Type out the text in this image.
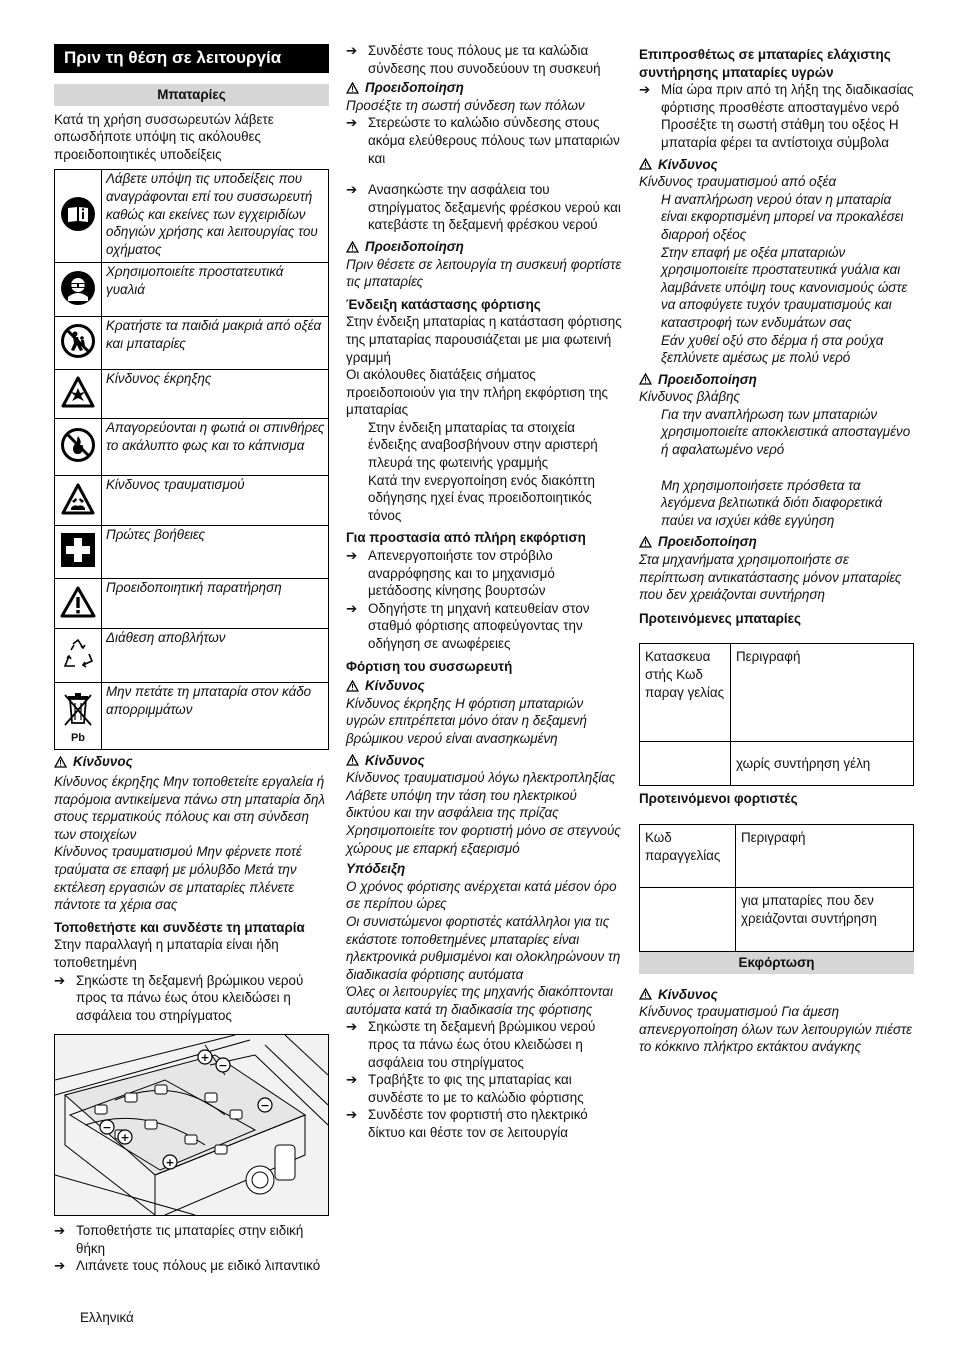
Πριν τη θέση σε λειτουργία
Μπαταρίες

Κατά τη χρήση συσσωρευτών λάβετε οπωσδήποτε υπόψη τις ακόλουθες προειδοποιητικές υποδείξεις

	Λάβετε υπόψη τις υποδείξεις που αναγράφονται επί του συσσωρευτή καθώς και εκείνες των εγχειριδίων οδηγιών χρήσης και λειτουργίας του οχήματος
	Χρησιμοποιείτε προστατευτικά γυαλιά
	Κρατήστε τα παιδιά μακριά από οξέα και μπαταρίες
	Κίνδυνος έκρηξης
	Απαγορεύονται η φωτιά οι σπινθήρες το ακάλυπτο φως και το κάπνισμα
	Κίνδυνος τραυματισμού
	Πρώτες βοήθειες
	Προειδοποιητική παρατήρηση
	Διάθεση αποβλήτων

Pb	Μην πετάτε τη μπαταρία στον κάδο απορριμμάτων
Κίνδυνος

Κίνδυνος έκρηξης Μην τοποθετείτε εργαλεία ή παρόμοια αντικείμενα πάνω στη μπαταρία δηλ στους τερματικούς πόλους και στη σύνδεση των στοιχείων

Κίνδυνος τραυματισμού Μην φέρνετε ποτέ τραύματα σε επαφή με μόλυβδο Μετά την εκτέλεση εργασιών σε μπαταρίες πλένετε πάντοτε τα χέρια σας

Τοποθετήστε και συνδέστε τη μπαταρία

Στην παραλλαγή η μπαταρία είναι ήδη τοποθετημένη

➔ Σηκώστε τη δεξαμενή βρώμικου νερού προς τα πάνω έως ότου κλειδώσει η ασφάλεια του στηρίγματος
+
−
−
−
+
+
➔ Τοποθετήστε τις μπαταρίες στην ειδική θήκη
➔ Λιπάνετε τους πόλους με ειδικό λιπαντικό
➔ Συνδέστε τους πόλους με τα καλώδια σύνδεσης που συνοδεύουν τη συσκευή
Προειδοποίηση

Προσέξτε τη σωστή σύνδεση των πόλων

➔ Στερεώστε το καλώδιο σύνδεσης στους ακόμα ελεύθερους πόλους των μπαταριών και
➔ Ανασηκώστε την ασφάλεια του στηρίγματος δεξαμενής φρέσκου νερού και κατεβάστε τη δεξαμενή φρέσκου νερού
Προειδοποίηση

Πριν θέσετε σε λειτουργία τη συσκευή φορτίστε τις μπαταρίες

Ένδειξη κατάστασης φόρτισης

Στην ένδειξη μπαταρίας η κατάσταση φόρτισης της μπαταρίας παρουσιάζεται με μια φωτεινή γραμμή

Οι ακόλουθες διατάξεις σήματος προειδοποιούν για την πλήρη εκφόρτιση της μπαταρίας

Στην ένδειξη μπαταρίας τα στοιχεία ένδειξης αναβοσβήνουν στην αριστερή πλευρά της φωτεινής γραμμής

Κατά την ενεργοποίηση ενός διακόπτη οδήγησης ηχεί ένας προειδοποιητικός τόνος

Για προστασία από πλήρη εκφόρτιση

➔ Απενεργοποιήστε τον στρόβιλο αναρρόφησης και το μηχανισμό μετάδοσης κίνησης βουρτσών
➔ Οδηγήστε τη μηχανή κατευθείαν στον σταθμό φόρτισης αποφεύγοντας την οδήγηση σε ανωφέρειες

Φόρτιση του συσσωρευτή

Κίνδυνος

Κίνδυνος έκρηξης Η φόρτιση μπαταριών υγρών επιτρέπεται μόνο όταν η δεξαμενή βρώμικου νερού είναι ανασηκωμένη

Κίνδυνος

Κίνδυνος τραυματισμού λόγω ηλεκτροπληξίας Λάβετε υπόψη την τάση του ηλεκτρικού δικτύου και την ασφάλεια της πρίζας

Χρησιμοποιείτε τον φορτιστή μόνο σε στεγνούς χώρους με επαρκή εξαερισμό

Υπόδειξη

Ο χρόνος φόρτισης ανέρχεται κατά μέσον όρο σε περίπου ώρες

Οι συνιστώμενοι φορτιστές κατάλληλοι για τις εκάστοτε τοποθετημένες μπαταρίες είναι ηλεκτρονικά ρυθμισμένοι και ολοκληρώνουν τη διαδικασία φόρτισης αυτόματα

Όλες οι λειτουργίες της μηχανής διακόπτονται αυτόματα κατά τη διαδικασία της φόρτισης

➔ Σηκώστε τη δεξαμενή βρώμικου νερού προς τα πάνω έως ότου κλειδώσει η ασφάλεια του στηρίγματος
➔ Τραβήξτε το φις της μπαταρίας και συνδέστε το με το καλώδιο φόρτισης
➔ Συνδέστε τον φορτιστή στο ηλεκτρικό δίκτυο και θέστε τον σε λειτουργία

Επιπροσθέτως σε μπαταρίες ελάχιστης συντήρησης μπαταρίες υγρών

➔ Μία ώρα πριν από τη λήξη της διαδικασίας φόρτισης προσθέστε αποσταγμένο νερό Προσέξτε τη σωστή στάθμη του οξέος Η μπαταρία φέρει τα αντίστοιχα σύμβολα
Κίνδυνος

Κίνδυνος τραυματισμού από οξέα

Η αναπλήρωση νερού όταν η μπαταρία είναι εκφορτισμένη μπορεί να προκαλέσει διαρροή οξέος

Στην επαφή με οξέα μπαταριών χρησιμοποιείτε προστατευτικά γυάλια και λαμβάνετε υπόψη τους κανονισμούς ώστε να αποφύγετε τυχόν τραυματισμούς και καταστροφή των ενδυμάτων σας

Εάν χυθεί οξύ στο δέρμα ή στα ρούχα ξεπλύνετε αμέσως με πολύ νερό

Προειδοποίηση

Κίνδυνος βλάβης

Για την αναπλήρωση των μπαταριών χρησιμοποιείτε αποκλειστικά αποσταγμένο ή αφαλατωμένο νερό

Μη χρησιμοποιήσετε πρόσθετα τα λεγόμενα βελτιωτικά διότι διαφορετικά παύει να ισχύει κάθε εγγύηση

Προειδοποίηση

Στα μηχανήματα χρησιμοποιήστε σε περίπτωση αντικατάστασης μόνον μπαταρίες που δεν χρειάζονται συντήρηση

Προτεινόμενες μπαταρίες

Κατασκευα στής Κωδ παραγ γελίας	Περιγραφή
	χωρίς συντήρηση γέλη

Προτεινόμενοι φορτιστές

Κωδ παραγγελίας	Περιγραφή
	για μπαταρίες που δεν χρειάζονται συντήρηση
Εκφόρτωση
Κίνδυνος

Κίνδυνος τραυματισμού Για άμεση απενεργοποίηση όλων των λειτουργιών πιέστε το κόκκινο πλήκτρο εκτάκτου ανάγκης

Ελληνικά
